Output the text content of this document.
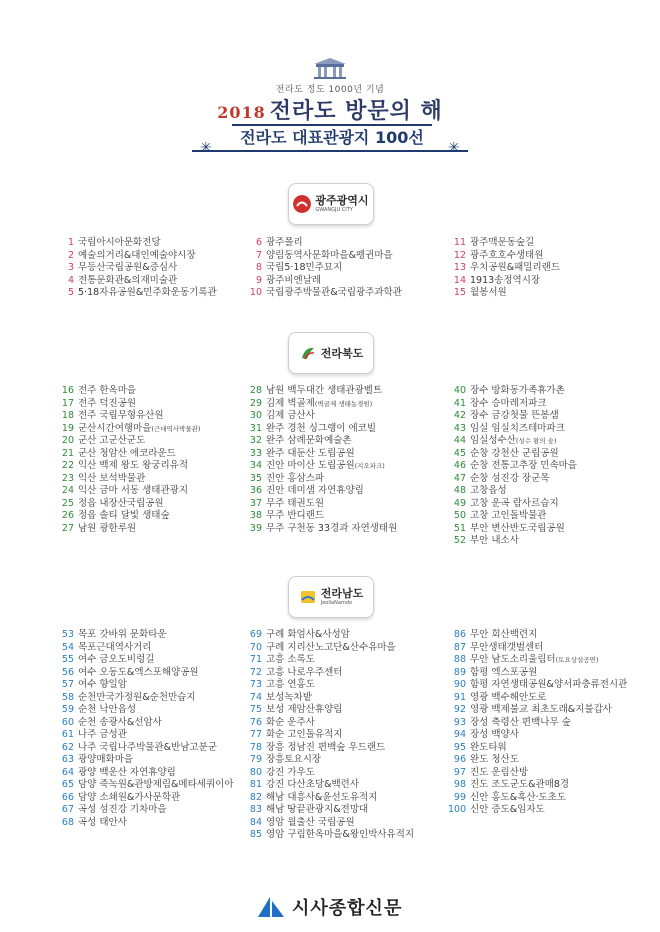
전라도 정도 1000년 기념
2018 전라도 방문의 해
전라도 대표관광지 100선
✳	✳
광주광역시
GWANGJU CITY
1 국립아시아문화전당
2 예술의거리&대인예술야시장
3 무등산국립공원&증심사
4 전통문화관&의재미술관
5 5·18자유공원&민주화운동기록관
6 광주폴리
7 양림동역사문화마을&펭귄마을
8 국립5·18민주묘지
9 광주비엔날레
10 국립광주박물관&국립광주과학관
11 광주맥문동숲길
12 광주호호수생태원
13 우치공원&패밀리랜드
14 1913송정역시장
15 월봉서원
전라북도
16 전주 한옥마을
17 전주 덕진공원
18 전주 국립무형유산원
19 군산시간여행마을(근대역사박물관)
20 군산 고군산군도
21 군산 청암산 에코라운드
22 익산 백제 왕도 왕궁리유적
23 익산 보석박물관
24 익산 금마 서동 생태관광지
25 정읍 내장산국립공원
26 정읍 솔티 달빛 생태숲
27 남원 광한루원
28 남원 백두대간 생태관광벨트
29 김제 벽골제(벽골제 생태농경원)
30 김제 금산사
31 완주 경천 싱그랭이 에코빌
32 완주 삼례문화예술촌
33 완주 대둔산 도립공원
34 진안 마이산 도립공원(지오파크)
35 진안 홍삼스파
36 진안 데미샘 자연휴양림
37 무주 태권도원
38 무주 반디랜드
39 무주 구천동 33경과 자연생태원
40 장수 방화동가족휴가촌
41 장수 승마레저파크
42 장수 금강첫물 뜬봉샘
43 임실 임실치즈테마파크
44 임실성수산(성수 왕의 숲)
45 순창 강천산 군립공원
46 순창 전통고추장 민속마을
47 순창 섬진강 장군목
48 고창읍성
49 고창 운곡 람사르습지
50 고창 고인돌박물관
51 부안 변산반도국립공원
52 부안 내소사
전라남도
JeollaNamdo
53 목포 갓바위 문화타운
54 목포근대역사거리
55 여수 금오도비렁길
56 여수 오동도&엑스포해양공원
57 여수 향일암
58 순천만국가정원&순천만습지
59 순천 낙안읍성
60 순천 송광사&선암사
61 나주 금성관
62 나주 국립나주박물관&반남고분군
63 광양매화마을
64 광양 백운산 자연휴양림
65 담양 죽녹원&관방제림&메타세쿼이아
66 담양 소쇄원&가사문학관
67 곡성 섬진강 기차마을
68 곡성 태안사
69 구례 화엄사&사성암
70 구례 지리산노고단&산수유마을
71 고흥 소록도
72 고흥 나로우주센터
73 고흥 연홍도
74 보성녹차밭
75 보성 제암산휴양림
76 화순 운주사
77 화순 고인돌유적지
78 장흥 정남진 편백숲 우드랜드
79 장흥토요시장
80 강진 가우도
81 강진 다산초당&백련사
82 해남 대흥사&윤선도유적지
83 해남 땅끝관광지&전망대
84 영암 월출산 국립공원
85 영암 구림한옥마을&왕인박사유적지
86 무안 회산백련지
87 무안생태갯벌센터
88 무안 남도소리울림터(토요상설공연)
89 함평 엑스포공원
90 함평 자연생태공원&양서파충류전시관
91 영광 백수해안도로
92 영광 백제불교 최초도래&지불갑사
93 장성 축령산 편백나무 숲
94 장성 백양사
95 완도타워
96 완도 청산도
97 진도 운림산방
98 진도 조도군도&관매8경
99 신안 홍도&흑산·도초도
100 신안 증도&임자도
시사종합신문
